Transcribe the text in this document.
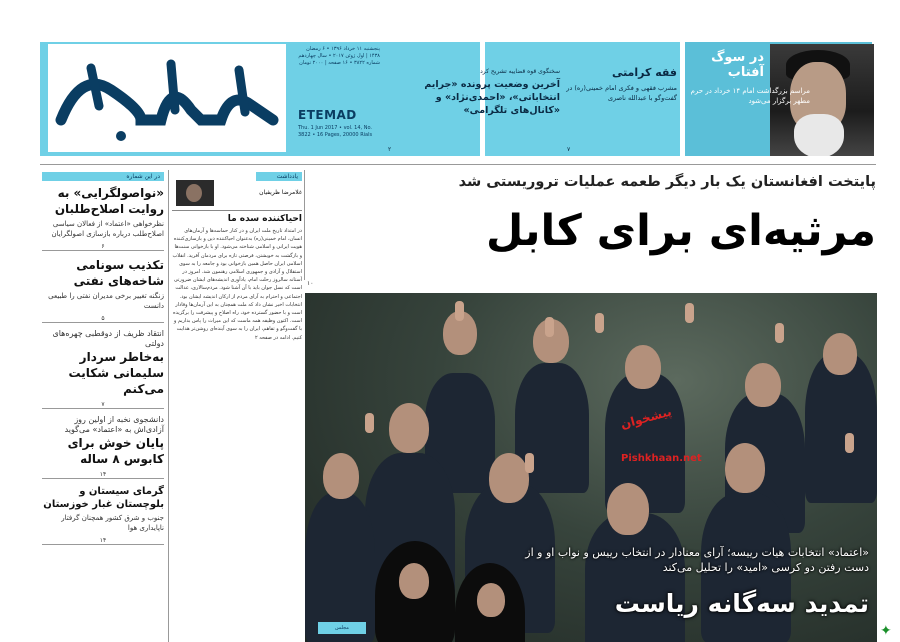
ETEMAD
Thu. 1 Jun 2017 • vol. 14, No. 3822 • 16 Pages, 20000 Rials
پنجشنبه ۱۱ خرداد ۱۳۹۶ • ۶ رمضان ۱۴۳۸ | اول ژوئن ۲۰۱۷ • سال چهاردهم شماره ۳۸۲۲ • ۱۶ صفحه | ۲۰۰۰ تومان
سخنگوی قوه قضاییه تشریح کرد
آخرین وضعیت پرونده «جرایم انتخاباتی»، «احمدی‌نژاد» و «کانال‌های تلگرامی»
۲
فقه کرامتی
مشرب فقهی و فکری امام خمینی(ره) در گفت‌وگو با عبدالله ناصری
۷
در سوگ آفتاب
مراسم بزرگداشت امام ۱۴ خرداد در حرم مطهر برگزار می‌شود
در این شماره
«نواصولگرایی» به روایت اصلاح‌طلبان
نظرخواهی «اعتماد» از فعالان سیاسی اصلاح‌طلب درباره بازسازی اصولگرایان
۶
تکذیب سونامی شاخه‌های نفتی
زنگنه تغییر برخی مدیران نفتی را طبیعی دانست
۵
انتقاد ظریف از دوقطبی چهره‌های دولتی
به‌خاطر سردار سلیمانی شکایت می‌کنم
۷
دانشجوی نخبه از اولین روز آزادی‌اش به «اعتماد» می‌گوید
پایان خوش برای کابوس ۸ ساله
۱۴
گرمای سیستان و بلوچستان غبار خوزستان
جنوب و شرق کشور همچنان گرفتار ناپایداری هوا
۱۴
یادداشت
غلامرضا ظریفیان
احیاکننده سده ما
در امتداد تاریخ ملت ایران و در کنار حماسه‌ها و آرمان‌های انسان، امام خمینی(ره) به‌عنوان احیاکننده دین و بازسازی‌کننده هویت ایرانی و اسلامی شناخته می‌شود. او با بازخوانی سنت‌ها و بازگشت به خویشتن، فرصتی تازه برای مردمان آفرید. انقلاب اسلامی ایران حاصل همین بازخوانی بود و جامعه را به سوی استقلال و آزادی و جمهوری اسلامی رهنمون شد. امروز در آستانه سالروز رحلت امام، یادآوری اندیشه‌های ایشان ضرورتی است که نسل جوان باید با آن آشنا شود. مردم‌سالاری، عدالت اجتماعی و احترام به آرای مردم از ارکان اندیشه ایشان بود. انتخابات اخیر نشان داد که ملت همچنان به این آرمان‌ها وفادار است و با حضور گسترده خود، راه اصلاح و پیشرفت را برگزیده است. اکنون وظیفه همه ماست که این میراث را پاس بداریم و با گفت‌وگو و تفاهم، ایران را به سوی آینده‌ای روشن‌تر هدایت کنیم. ادامه در صفحه ۲
پایتخت افغانستان یک بار دیگر طعمه عملیات تروریستی شد
مرثیه‌ای برای کابل
۱۰
پیشخوان
Pishkhaan.net
«اعتماد» انتخابات هیات رییسه؛ آرای معنادار در انتخاب رییس و نواب او و از دست رفتن دو کرسی «امید» را تحلیل می‌کند
تمدید سه‌گانه ریاست
مجلس	✦
